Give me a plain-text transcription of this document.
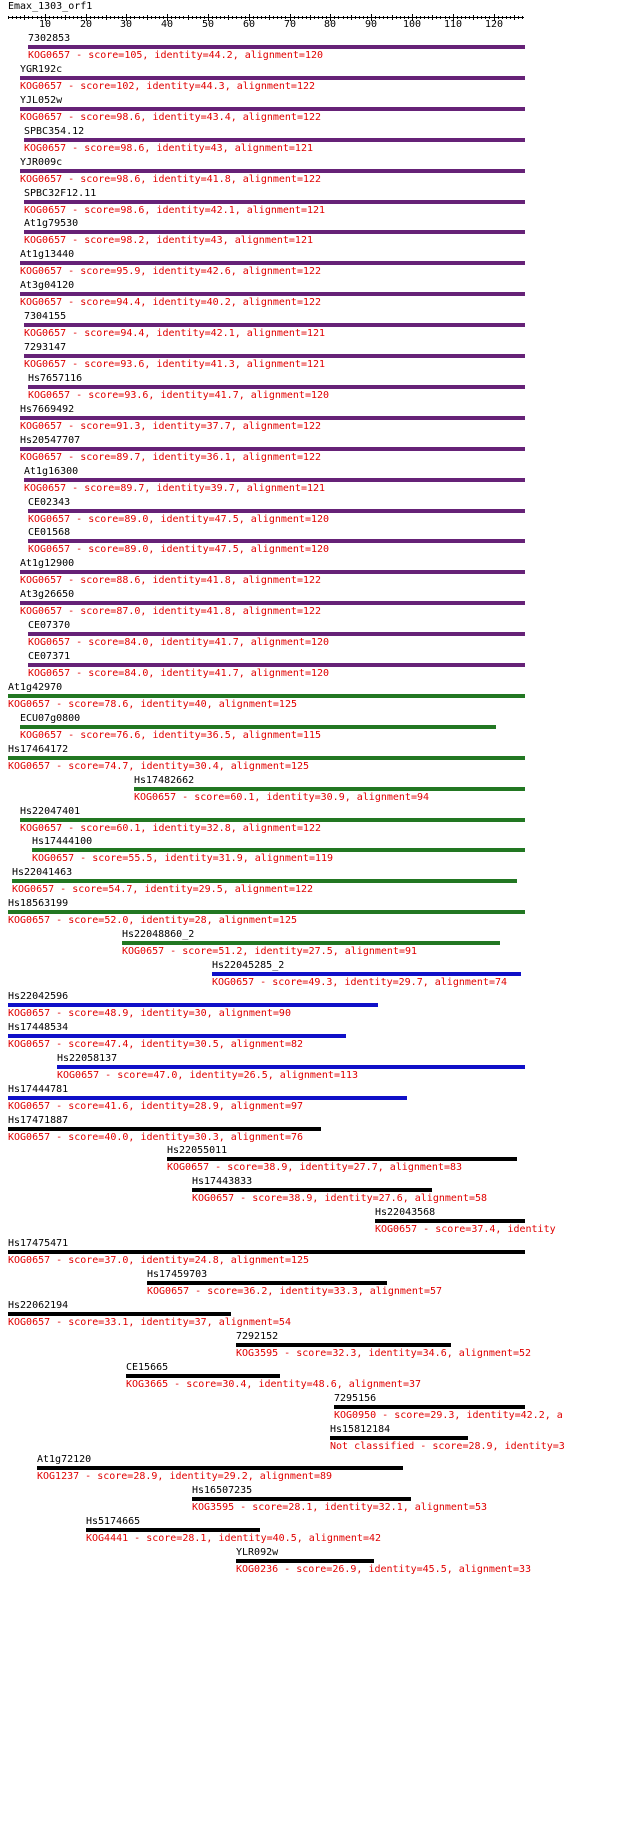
Emax_1303_orf1
10	20	30	40	50	60	70	80	90	100 110 120
7302853
KOG0657 - score=105, identity=44.2, alignment=120
YGR192c
KOG0657 - score=102, identity=44.3, alignment=122
YJL052w
KOG0657 - score=98.6, identity=43.4, alignment=122
SPBC354.12
KOG0657 - score=98.6, identity=43, alignment=121
YJR009c
KOG0657 - score=98.6, identity=41.8, alignment=122
SPBC32F12.11
KOG0657 - score=98.6, identity=42.1, alignment=121
At1g79530
KOG0657 - score=98.2, identity=43, alignment=121
At1g13440
KOG0657 - score=95.9, identity=42.6, alignment=122
At3g04120
KOG0657 - score=94.4, identity=40.2, alignment=122
7304155
KOG0657 - score=94.4, identity=42.1, alignment=121
7293147
KOG0657 - score=93.6, identity=41.3, alignment=121
Hs7657116
KOG0657 - score=93.6, identity=41.7, alignment=120
Hs7669492
KOG0657 - score=91.3, identity=37.7, alignment=122
Hs20547707
KOG0657 - score=89.7, identity=36.1, alignment=122
At1g16300
KOG0657 - score=89.7, identity=39.7, alignment=121
CE02343
KOG0657 - score=89.0, identity=47.5, alignment=120
CE01568
KOG0657 - score=89.0, identity=47.5, alignment=120
At1g12900
KOG0657 - score=88.6, identity=41.8, alignment=122
At3g26650
KOG0657 - score=87.0, identity=41.8, alignment=122
CE07370
KOG0657 - score=84.0, identity=41.7, alignment=120
CE07371
KOG0657 - score=84.0, identity=41.7, alignment=120
At1g42970
KOG0657 - score=78.6, identity=40, alignment=125
ECU07g0800
KOG0657 - score=76.6, identity=36.5, alignment=115
Hs17464172
KOG0657 - score=74.7, identity=30.4, alignment=125
Hs17482662
KOG0657 - score=60.1, identity=30.9, alignment=94
Hs22047401
KOG0657 - score=60.1, identity=32.8, alignment=122
Hs17444100
KOG0657 - score=55.5, identity=31.9, alignment=119
Hs22041463
KOG0657 - score=54.7, identity=29.5, alignment=122
Hs18563199
KOG0657 - score=52.0, identity=28, alignment=125
Hs22048860_2
KOG0657 - score=51.2, identity=27.5, alignment=91
Hs22045285_2
KOG0657 - score=49.3, identity=29.7, alignment=74
Hs22042596
KOG0657 - score=48.9, identity=30, alignment=90
Hs17448534
KOG0657 - score=47.4, identity=30.5, alignment=82
Hs22058137
KOG0657 - score=47.0, identity=26.5, alignment=113
Hs17444781
KOG0657 - score=41.6, identity=28.9, alignment=97
Hs17471887
KOG0657 - score=40.0, identity=30.3, alignment=76
Hs22055011
KOG0657 - score=38.9, identity=27.7, alignment=83
Hs17443833
KOG0657 - score=38.9, identity=27.6, alignment=58
Hs22043568
KOG0657 - score=37.4, identity
Hs17475471
KOG0657 - score=37.0, identity=24.8, alignment=125
Hs17459703
KOG0657 - score=36.2, identity=33.3, alignment=57
Hs22062194
KOG0657 - score=33.1, identity=37, alignment=54
7292152
KOG3595 - score=32.3, identity=34.6, alignment=52
CE15665
KOG3665 - score=30.4, identity=48.6, alignment=37
7295156
KOG0950 - score=29.3, identity=42.2, a
Hs15812184
Not classified - score=28.9, identity=3
At1g72120
KOG1237 - score=28.9, identity=29.2, alignment=89
Hs16507235
KOG3595 - score=28.1, identity=32.1, alignment=53
Hs5174665
KOG4441 - score=28.1, identity=40.5, alignment=42
YLR092w
KOG0236 - score=26.9, identity=45.5, alignment=33
